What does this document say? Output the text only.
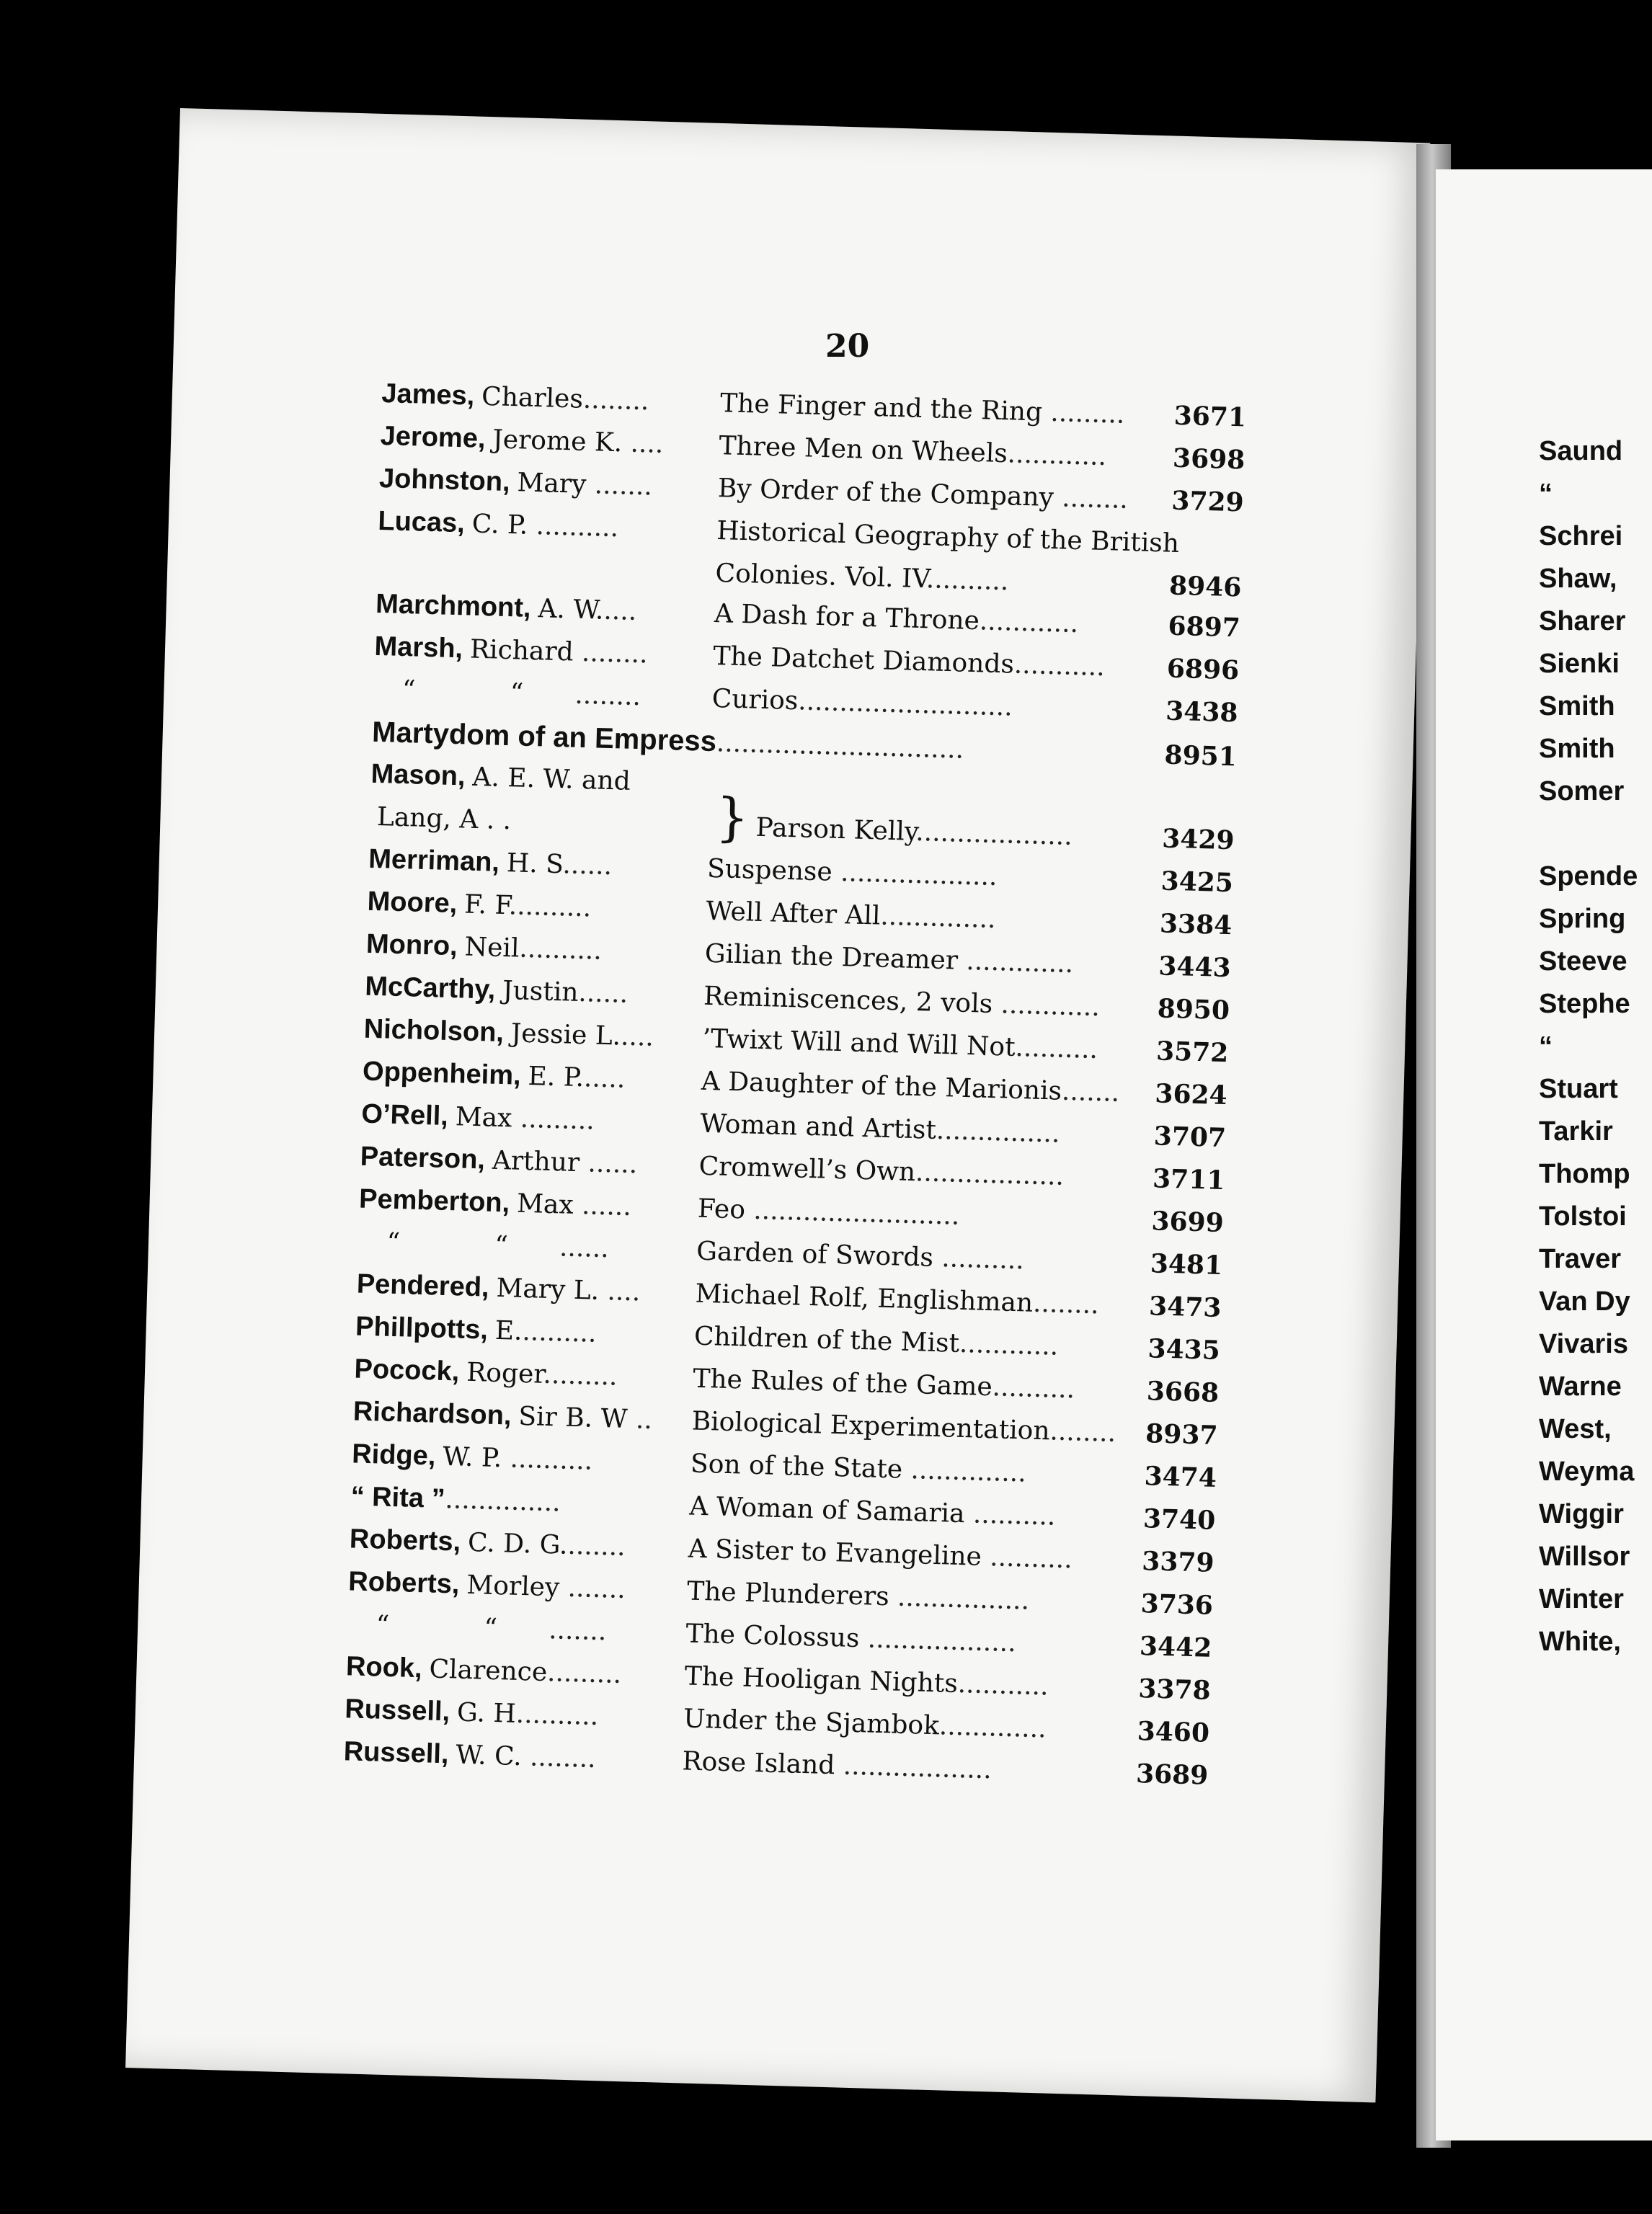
20
James, Charles........	The Finger and the Ring .........	3671
Jerome, Jerome K. ....	Three Men on Wheels............	3698
Johnston, Mary .......	By Order of the Company ........	3729
Lucas, C. P. ..........	Historical Geography of the British
Colonies. Vol. IV..........	8946
Marchmont, A. W.....	A Dash for a Throne............	6897
Marsh, Richard ........	The Datchet Diamonds...........	6896
“ “ ........	Curios..........................	3438
Martydom of an Empress..............................	8951
Mason, A. E. W. and
Lang, A . .	} Parson Kelly...................	3429
Merriman, H. S......	Suspense ...................	3425
Moore, F. F..........	Well After All..............	3384
Monro, Neil..........	Gilian the Dreamer .............	3443
McCarthy, Justin......	Reminiscences, 2 vols ............	8950
Nicholson, Jessie L.....	’Twixt Will and Will Not..........	3572
Oppenheim, E. P......	A Daughter of the Marionis.......	3624
O’Rell, Max .........	Woman and Artist...............	3707
Paterson, Arthur ......	Cromwell’s Own..................	3711
Pemberton, Max ......	Feo .........................	3699
“ “ ......	Garden of Swords ..........	3481
Pendered, Mary L. ....	Michael Rolf, Englishman........	3473
Phillpotts, E..........	Children of the Mist............	3435
Pocock, Roger.........	The Rules of the Game..........	3668
Richardson, Sir B. W ..	Biological Experimentation........	8937
Ridge, W. P. ..........	Son of the State ..............	3474
“ Rita ”..............	A Woman of Samaria ..........	3740
Roberts, C. D. G........	A Sister to Evangeline ..........	3379
Roberts, Morley .......	The Plunderers ................	3736
“ “ .......	The Colossus ..................	3442
Rook, Clarence.........	The Hooligan Nights...........	3378
Russell, G. H..........	Under the Sjambok.............	3460
Russell, W. C. ........	Rose Island ..................	3689
Saund
“
Schrei
Shaw,
Sharer
Sienki
Smith
Smith
Somer
Spende
Spring
Steeve
Stephe
“
Stuart
Tarkir
Thomp
Tolstoi
Traver
Van Dy
Vivaris
Warne
West,
Weyma
Wiggir
Willsor
Winter
White,
